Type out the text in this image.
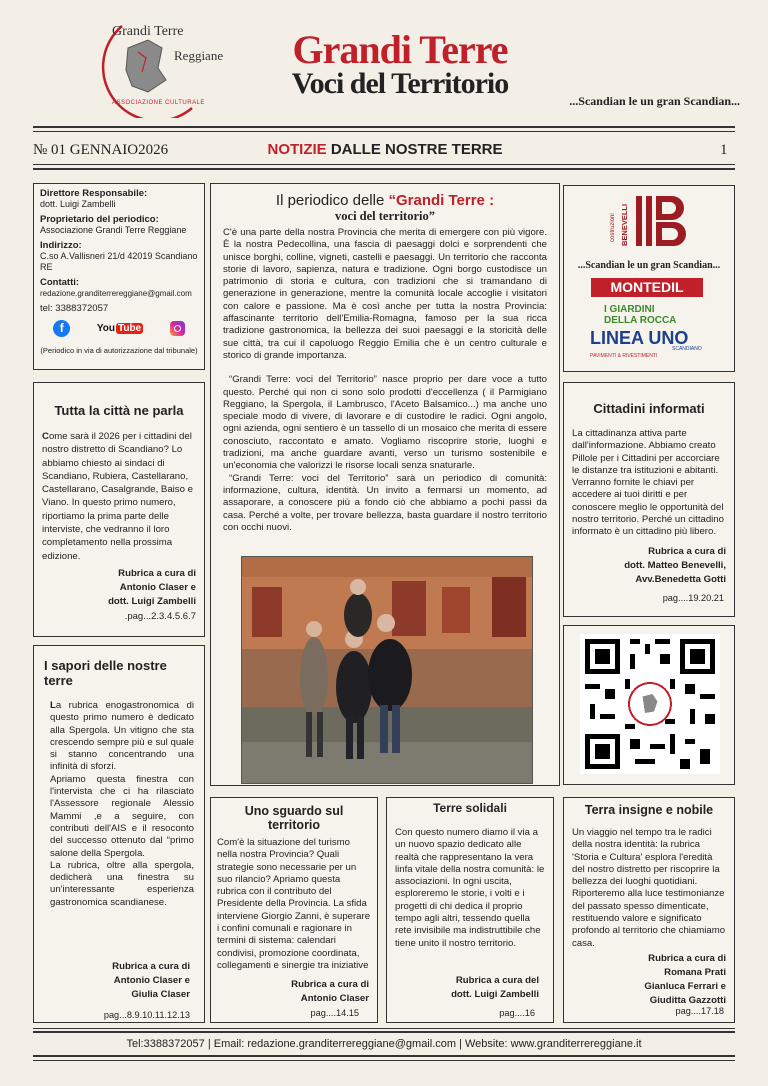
Grandi Terre
Reggiane
ASSOCIAZIONE CULTURALE
Grandi Terre
Voci del Territorio
...Scandian le un gran Scandian...
№ 01 GENNAIO2026	NOTIZIE DALLE NOSTRE TERRE	1
Direttore Responsabile:
dott. Luigi Zambelli
Proprietario del periodico:
Associazione Grandi Terre Reggiane
Indirizzo:
C.so A.Vallisneri 21/d 42019 Scandiano RE
Contatti:
redazione.granditerrereggiane@gmail.com
tel: 3388372057
f	You Tube
(Periodico in via di autorizzazione dal tribunale)
Il periodico delle “Grandi Terre :
voci del territorio”

C'è una parte della nostra Provincia che merita di emergere con più vigore. È la nostra Pedecollina, una fascia di paesaggi dolci e sorprendenti che unisce borghi, colline, vigneti, castelli e paesaggi. Un territorio che racconta storie di lavoro, sapienza, natura e tradizione. Ogni borgo custodisce un patrimonio di storia e cultura, con tradizioni che si tramandano di generazione in generazione, mentre la comunità locale accoglie i visitatori con calore e passione. Ma è così anche per tutta la nostra Provincia: affascinante territorio dell'Emilia-Romagna, famoso per la sua ricca tradizione gastronomica, la bellezza dei suoi paesaggi e la storicità delle sue città, tra cui il capoluogo Reggio Emilia che è un centro culturale e storico di grande importanza.

“Grandi Terre: voci del Territorio” nasce proprio per dare voce a tutto questo. Perché qui non ci sono solo prodotti d'eccellenza ( il Parmigiano Reggiano, la Spergola, il Lambrusco, l'Aceto Balsamico...) ma anche uno speciale modo di vivere, di lavorare e di custodire le radici. Ogni angolo, ogni azienda, ogni sentiero è un tassello di un mosaico che merita di essere conosciuto, raccontato e amato. Vogliamo riscoprire storie, luoghi e tradizioni, ma anche guardare avanti, verso un turismo sostenibile e un'economia che valorizzi le risorse locali senza snaturarle.

“Grandi Terre: voci del Territorio” sarà un periodico di comunità: informazione, cultura, identità. Un invito a fermarsi un momento, ad assaporare, a conoscere più a fondo ciò che abbiamo a pochi passi da casa. Perché a volte, per trovare bellezza, basta guardare il nostro territorio con occhi nuovi.

costruzioni BENEVELLI
...Scandian le un gran Scandian...
MONTEDIL
I GIARDINI
DELLA ROCCA
LINEA UNO
SCANDIANO
PAVIMENTI & RIVESTIMENTI
Tutta la città ne parla

Come sarà il 2026 per i cittadini del nostro distretto di Scandiano? Lo abbiamo chiesto ai sindaci di Scandiano, Rubiera, Castellarano, Castellarano, Casalgrande, Baiso e Viano. In questo primo numero, riportiamo la prima parte delle interviste, che vedranno il loro completamento nella prossima edizione.

Rubrica a cura di
Antonio Claser e
dott. Luigi Zambelli
.pag...2.3.4.5.6.7
I sapori delle nostre terre

La rubrica enogastronomica di questo primo numero è dedicato alla Spergola. Un vitigno che sta crescendo sempre più e sul quale si stanno concentrando una infinità di sforzi.

Apriamo questa finestra con l'intervista che ci ha rilasciato l'Assessore regionale Alessio Mammi ,e a seguire, con contributi dell'AIS e il resoconto del successo ottenuto dal “primo salone della Spergola.

La rubrica, oltre alla spergola, dedicherà una finestra su un'interessante esperienza gastronomica scandianese.

Rubrica a cura di
Antonio Claser e
Giulia Claser
pag...8.9.10.11.12.13
Cittadini informati

La cittadinanza attiva parte dall'informazione. Abbiamo creato Pillole per i Cittadini per accorciare le distanze tra istituzioni e abitanti. Verranno fornite le chiavi per accedere ai tuoi diritti e per conoscere meglio le opportunità del nostro territorio. Perché un cittadino informato è un cittadino più libero.

Rubrica a cura di
dott. Matteo Benevelli,
Avv.Benedetta Gotti
pag....19.20.21
Uno sguardo sul territorio

Com'è la situazione del turismo nella nostra Provincia? Quali strategie sono necessarie per un suo rilancio? Apriamo questa rubrica con il contributo del Presidente della Provincia. La sfida interviene Giorgio Zanni, è superare i confini comunali e ragionare in termini di sistema: calendari condivisi, promozione coordinata, collegamenti e sinergie tra iniziative

Rubrica a cura di
Antonio Claser
pag....14.15
Terre solidali

Con questo numero diamo il via a un nuovo spazio dedicato alle realtà che rappresentano la vera linfa vitale della nostra comunità: le associazioni. In ogni uscita, esploreremo le storie, i volti e i progetti di chi dedica il proprio tempo agli altri, tessendo quella rete invisibile ma indistruttibile che tiene unito il nostro territorio.

Rubrica a cura del
dott. Luigi Zambelli
pag....16
Terra insigne e nobile

Un viaggio nel tempo tra le radici della nostra identità: la rubrica 'Storia e Cultura' esplora l'eredità del nostro distretto per riscoprire la bellezza dei luoghi quotidiani. Riporteremo alla luce testimonianze del passato spesso dimenticate, restituendo valore e significato profondo al territorio che chiamiamo casa.

Rubrica a cura di
Romana Prati
Gianluca Ferrari e
Giuditta Gazzotti
pag....17.18
Tel:3388372057 | Email: redazione.granditerrereggiane@gmail.com | Website: www.granditerrereggiane.it
